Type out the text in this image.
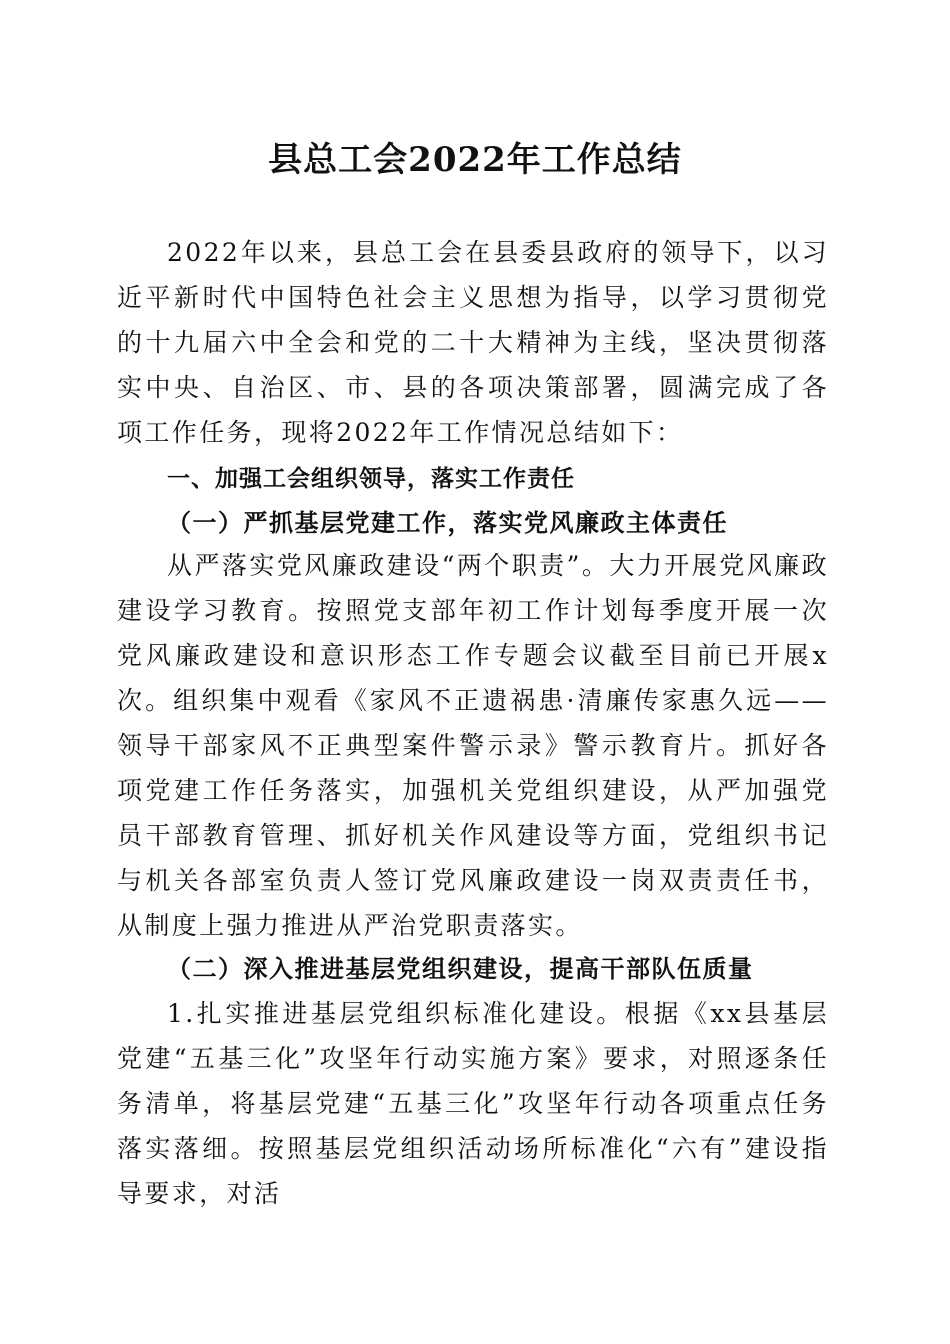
县总工会2022年工作总结

2022年以来，县总工会在县委县政府的领导下，以习近平新时代中国特色社会主义思想为指导，以学习贯彻党的十九届六中全会和党的二十大精神为主线，坚决贯彻落实中央、自治区、市、县的各项决策部署，圆满完成了各项工作任务，现将2022年工作情况总结如下：

一、加强工会组织领导，落实工作责任
（一）严抓基层党建工作，落实党风廉政主体责任

从严落实党风廉政建设“两个职责”。大力开展党风廉政建设学习教育。按照党支部年初工作计划每季度开展一次党风廉政建设和意识形态工作专题会议截至目前已开展x次。组织集中观看《家风不正遗祸患·清廉传家惠久远——领导干部家风不正典型案件警示录》警示教育片。抓好各项党建工作任务落实，加强机关党组织建设，从严加强党员干部教育管理、抓好机关作风建设等方面，党组织书记与机关各部室负责人签订党风廉政建设一岗双责责任书，从制度上强力推进从严治党职责落实。

（二）深入推进基层党组织建设，提高干部队伍质量

1.扎实推进基层党组织标准化建设。根据《xx县基层党建“五基三化”攻坚年行动实施方案》要求，对照逐条任务清单，将基层党建“五基三化”攻坚年行动各项重点任务落实落细。按照基层党组织活动场所标准化“六有”建设指导要求，对活
